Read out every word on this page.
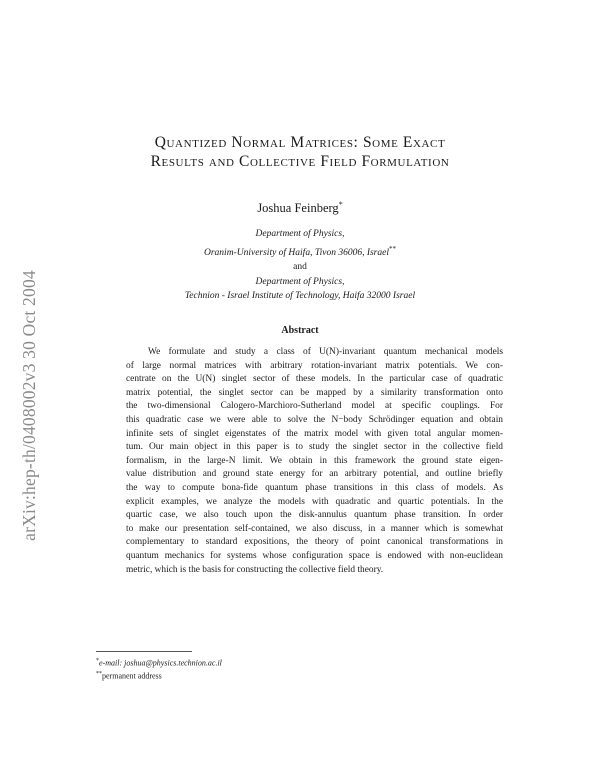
arXiv:hep-th/0408002v3 30 Oct 2004
Quantized Normal Matrices: Some Exact
Results and Collective Field Formulation
Joshua Feinberg*
Department of Physics,
Oranim-University of Haifa, Tivon 36006, Israel**
and
Department of Physics,
Technion - Israel Institute of Technology, Haifa 32000 Israel
Abstract
We formulate and study a class of U(N)-invariant quantum mechanical models
of large normal matrices with arbitrary rotation-invariant matrix potentials. We con-
centrate on the U(N) singlet sector of these models. In the particular case of quadratic
matrix potential, the singlet sector can be mapped by a similarity transformation onto
the two-dimensional Calogero-Marchioro-Sutherland model at specific couplings. For
this quadratic case we were able to solve the N−body Schrödinger equation and obtain
infinite sets of singlet eigenstates of the matrix model with given total angular momen-
tum. Our main object in this paper is to study the singlet sector in the collective field
formalism, in the large-N limit. We obtain in this framework the ground state eigen-
value distribution and ground state energy for an arbitrary potential, and outline briefly
the way to compute bona-fide quantum phase transitions in this class of models. As
explicit examples, we analyze the models with quadratic and quartic potentials. In the
quartic case, we also touch upon the disk-annulus quantum phase transition. In order
to make our presentation self-contained, we also discuss, in a manner which is somewhat
complementary to standard expositions, the theory of point canonical transformations in
quantum mechanics for systems whose configuration space is endowed with non-euclidean
metric, which is the basis for constructing the collective field theory.
*e-mail: joshua@physics.technion.ac.il
**permanent address
